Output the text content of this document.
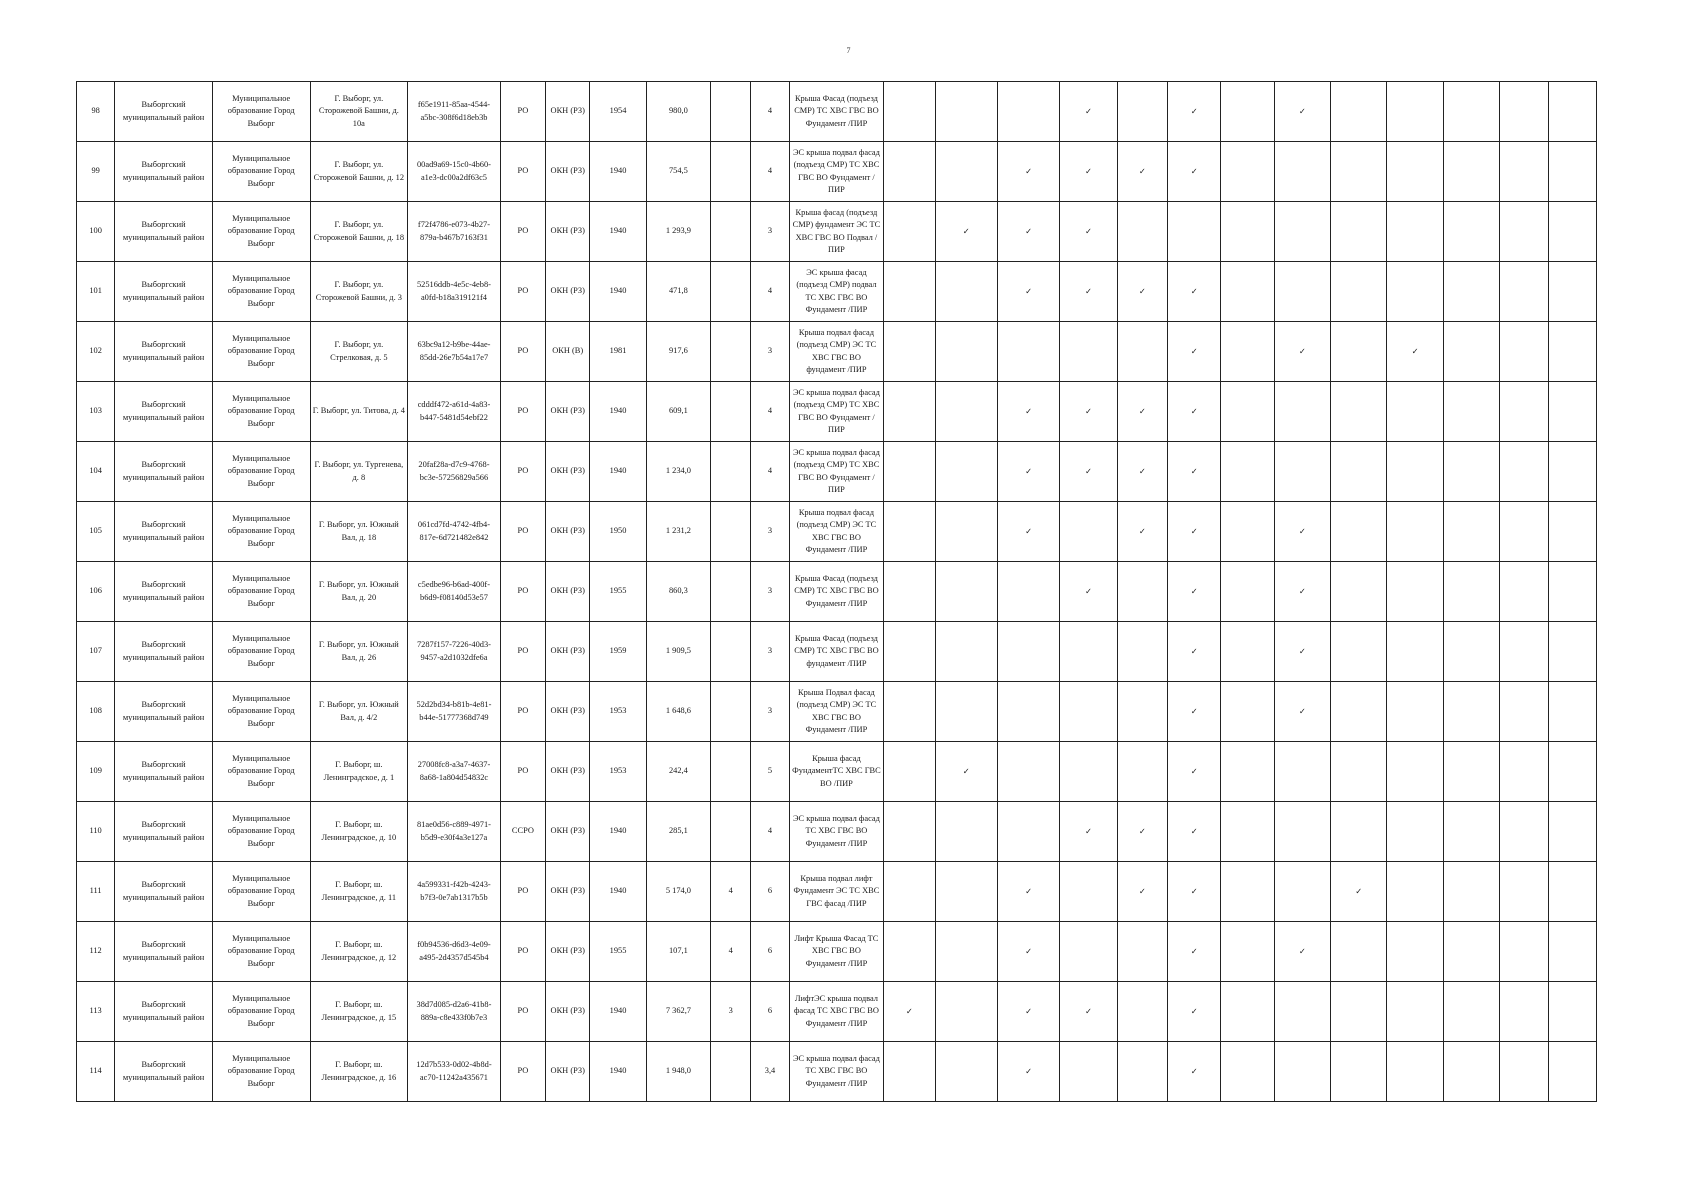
7
98	Выборгский муниципальный район	Муниципальное образование Город Выборг	Г. Выборг, ул. Сторожевой Башни, д. 10а	f65e1911-85aa-4544-a5bc-308f6d18eb3b	РО	ОКН (РЗ)	1954	980,0		4	Крыша Фасад (подъезд СМР) ТС ХВС ГВС ВО Фундамент /ПИР				✓		✓		✓					
99	Выборгский муниципальный район	Муниципальное образование Город Выборг	Г. Выборг, ул. Сторожевой Башни, д. 12	00ad9a69-15c0-4b60-a1e3-dc00a2df63c5	РО	ОКН (РЗ)	1940	754,5		4	ЭС крыша подвал фасад (подъезд СМР) ТС ХВС ГВС ВО Фундамент /ПИР			✓	✓	✓	✓							
100	Выборгский муниципальный район	Муниципальное образование Город Выборг	Г. Выборг, ул. Сторожевой Башни, д. 18	f72f4786-e073-4b27-879a-b467b7163f31	РО	ОКН (РЗ)	1940	1 293,9		3	Крыша фасад (подъезд СМР) фундамент ЭС ТС ХВС ГВС ВО Подвал /ПИР		✓	✓	✓									
101	Выборгский муниципальный район	Муниципальное образование Город Выборг	Г. Выборг, ул. Сторожевой Башни, д. 3	52516ddb-4e5c-4eb8-a0fd-b18a319121f4	РО	ОКН (РЗ)	1940	471,8		4	ЭС крыша фасад (подъезд СМР) подвал ТС ХВС ГВС ВО Фундамент /ПИР			✓	✓	✓	✓							
102	Выборгский муниципальный район	Муниципальное образование Город Выборг	Г. Выборг, ул. Стрелковая, д. 5	63bc9a12-b9be-44ae-85dd-26e7b54a17e7	РО	ОКН (В)	1981	917,6		3	Крыша подвал фасад (подъезд СМР) ЭС ТС ХВС ГВС ВО фундамент /ПИР						✓		✓		✓			
103	Выборгский муниципальный район	Муниципальное образование Город Выборг	Г. Выборг, ул. Титова, д. 4	cdddf472-a61d-4a83-b447-5481d54ebf22	РО	ОКН (РЗ)	1940	609,1		4	ЭС крыша подвал фасад (подъезд СМР) ТС ХВС ГВС ВО Фундамент /ПИР			✓	✓	✓	✓							
104	Выборгский муниципальный район	Муниципальное образование Город Выборг	Г. Выборг, ул. Тургенева, д. 8	20faf28a-d7c9-4768-bc3e-57256829a566	РО	ОКН (РЗ)	1940	1 234,0		4	ЭС крыша подвал фасад (подъезд СМР) ТС ХВС ГВС ВО Фундамент /ПИР			✓	✓	✓	✓							
105	Выборгский муниципальный район	Муниципальное образование Город Выборг	Г. Выборг, ул. Южный Вал, д. 18	061cd7fd-4742-4fb4-817e-6d721482e842	РО	ОКН (РЗ)	1950	1 231,2		3	Крыша подвал фасад (подъезд СМР) ЭС ТС ХВС ГВС ВО Фундамент /ПИР			✓		✓	✓		✓					
106	Выборгский муниципальный район	Муниципальное образование Город Выборг	Г. Выборг, ул. Южный Вал, д. 20	c5edbe96-b6ad-400f-b6d9-f08140d53e57	РО	ОКН (РЗ)	1955	860,3		3	Крыша Фасад (подъезд СМР) ТС ХВС ГВС ВО Фундамент /ПИР				✓		✓		✓					
107	Выборгский муниципальный район	Муниципальное образование Город Выборг	Г. Выборг, ул. Южный Вал, д. 26	7287f157-7226-40d3-9457-a2d1032dfe6a	РО	ОКН (РЗ)	1959	1 909,5		3	Крыша Фасад (подъезд СМР) ТС ХВС ГВС ВО фундамент /ПИР						✓		✓					
108	Выборгский муниципальный район	Муниципальное образование Город Выборг	Г. Выборг, ул. Южный Вал, д. 4/2	52d2bd34-b81b-4e81-b44e-51777368d749	РО	ОКН (РЗ)	1953	1 648,6		3	Крыша Подвал фасад (подъезд СМР) ЭС ТС ХВС ГВС ВО Фундамент /ПИР						✓		✓					
109	Выборгский муниципальный район	Муниципальное образование Город Выборг	Г. Выборг, ш. Ленинградское, д. 1	27008fc8-a3a7-4637-8a68-1a804d54832c	РО	ОКН (РЗ)	1953	242,4		5	Крыша фасад ФундаментТС ХВС ГВС ВО /ПИР		✓				✓							
110	Выборгский муниципальный район	Муниципальное образование Город Выборг	Г. Выборг, ш. Ленинградское, д. 10	81ae0d56-c889-4971-b5d9-e30f4a3e127a	ССРО	ОКН (РЗ)	1940	285,1		4	ЭС крыша подвал фасад ТС ХВС ГВС ВО Фундамент /ПИР				✓	✓	✓							
111	Выборгский муниципальный район	Муниципальное образование Город Выборг	Г. Выборг, ш. Ленинградское, д. 11	4a599331-f42b-4243-b7f3-0e7ab1317b5b	РО	ОКН (РЗ)	1940	5 174,0	4	6	Крыша подвал лифт Фундамент ЭС ТС ХВС ГВС фасад /ПИР			✓		✓	✓			✓				
112	Выборгский муниципальный район	Муниципальное образование Город Выборг	Г. Выборг, ш. Ленинградское, д. 12	f0b94536-d6d3-4e09-a495-2d4357d545b4	РО	ОКН (РЗ)	1955	107,1	4	6	Лифт Крыша Фасад ТС ХВС ГВС ВО Фундамент /ПИР			✓			✓		✓					
113	Выборгский муниципальный район	Муниципальное образование Город Выборг	Г. Выборг, ш. Ленинградское, д. 15	38d7d085-d2a6-41b8-889a-c8e433f0b7e3	РО	ОКН (РЗ)	1940	7 362,7	3	6	ЛифтЭС крыша подвал фасад ТС ХВС ГВС ВО Фундамент /ПИР	✓		✓	✓		✓							
114	Выборгский муниципальный район	Муниципальное образование Город Выборг	Г. Выборг, ш. Ленинградское, д. 16	12d7b533-0d02-4b8d-ac70-11242a435671	РО	ОКН (РЗ)	1940	1 948,0		3,4	ЭС крыша подвал фасад ТС ХВС ГВС ВО Фундамент /ПИР			✓			✓							
